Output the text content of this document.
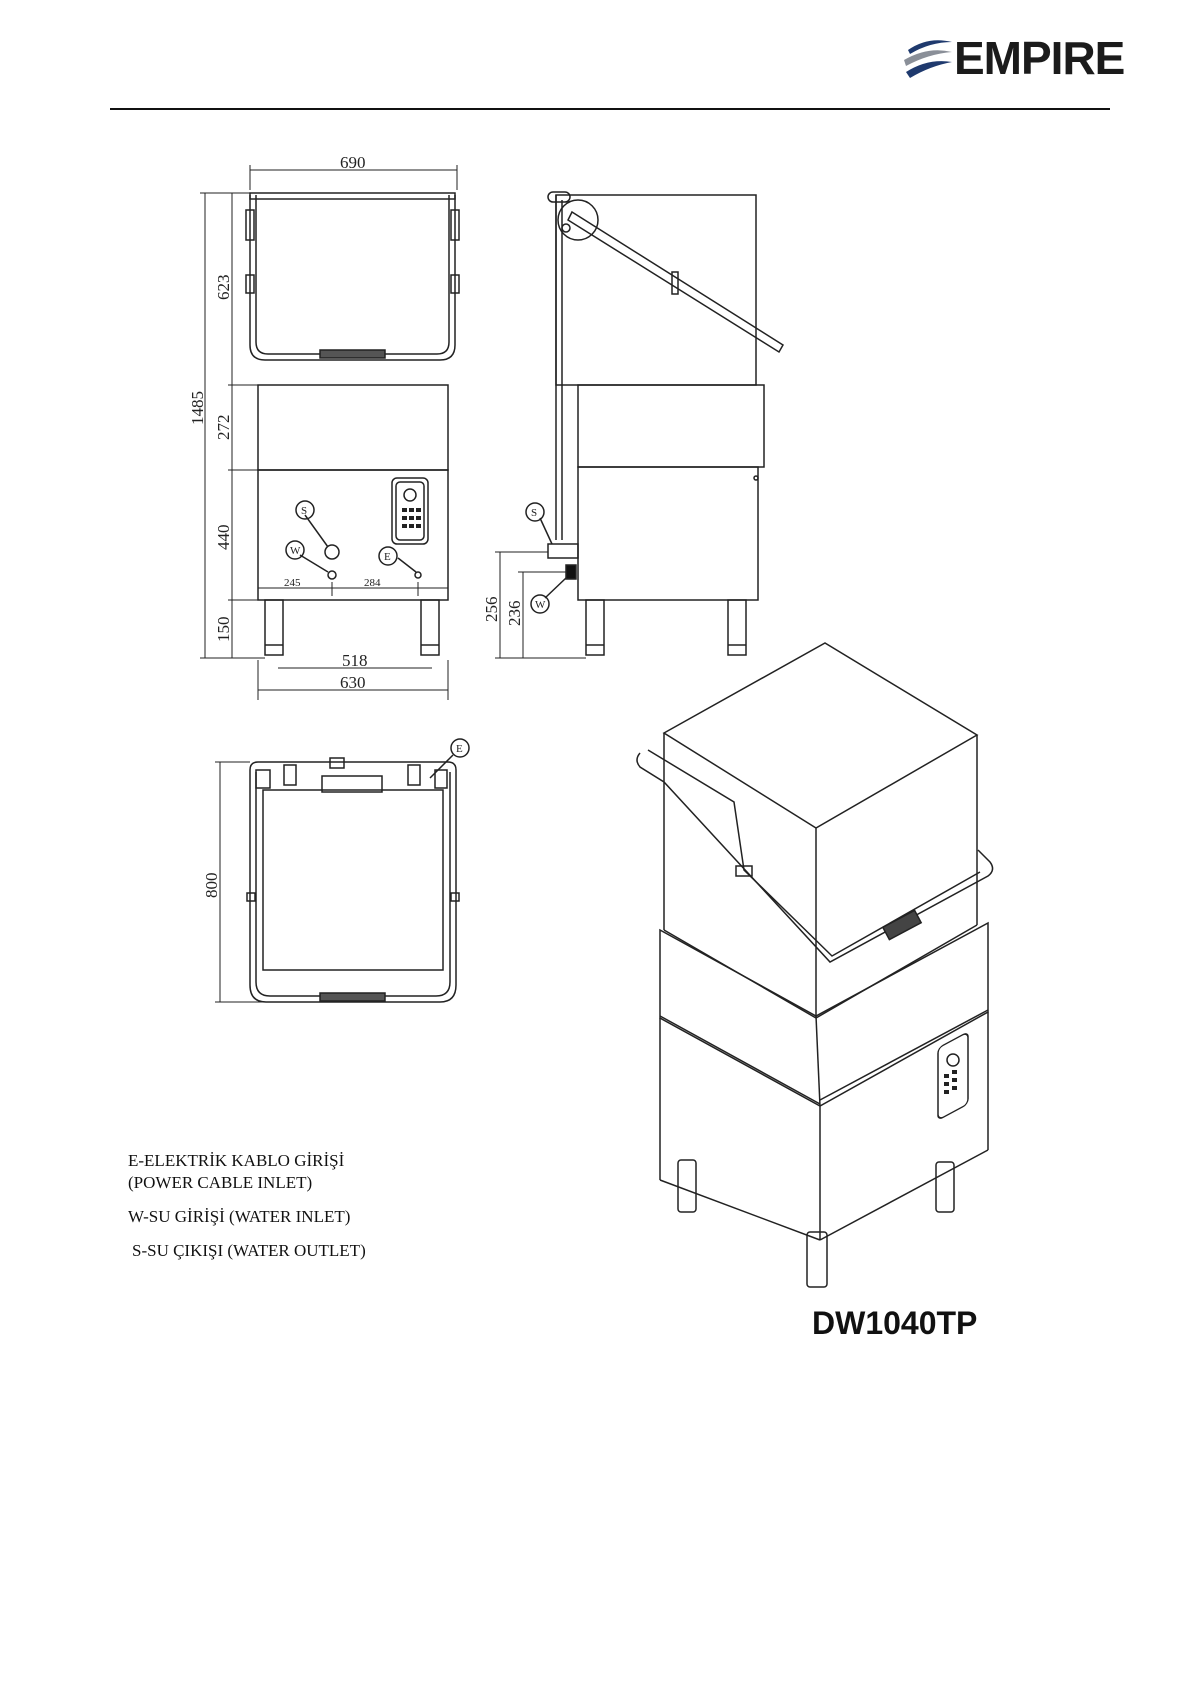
EMPIRE
690
1485
623
272
440
150
518
630
245	284
S
W	E
256 236
S
W
800
E
E-ELEKTRİK KABLO GİRİŞİ
(POWER CABLE INLET)
W-SU GİRİŞİ (WATER INLET)
S-SU ÇIKIŞI (WATER OUTLET)
DW1040TP
